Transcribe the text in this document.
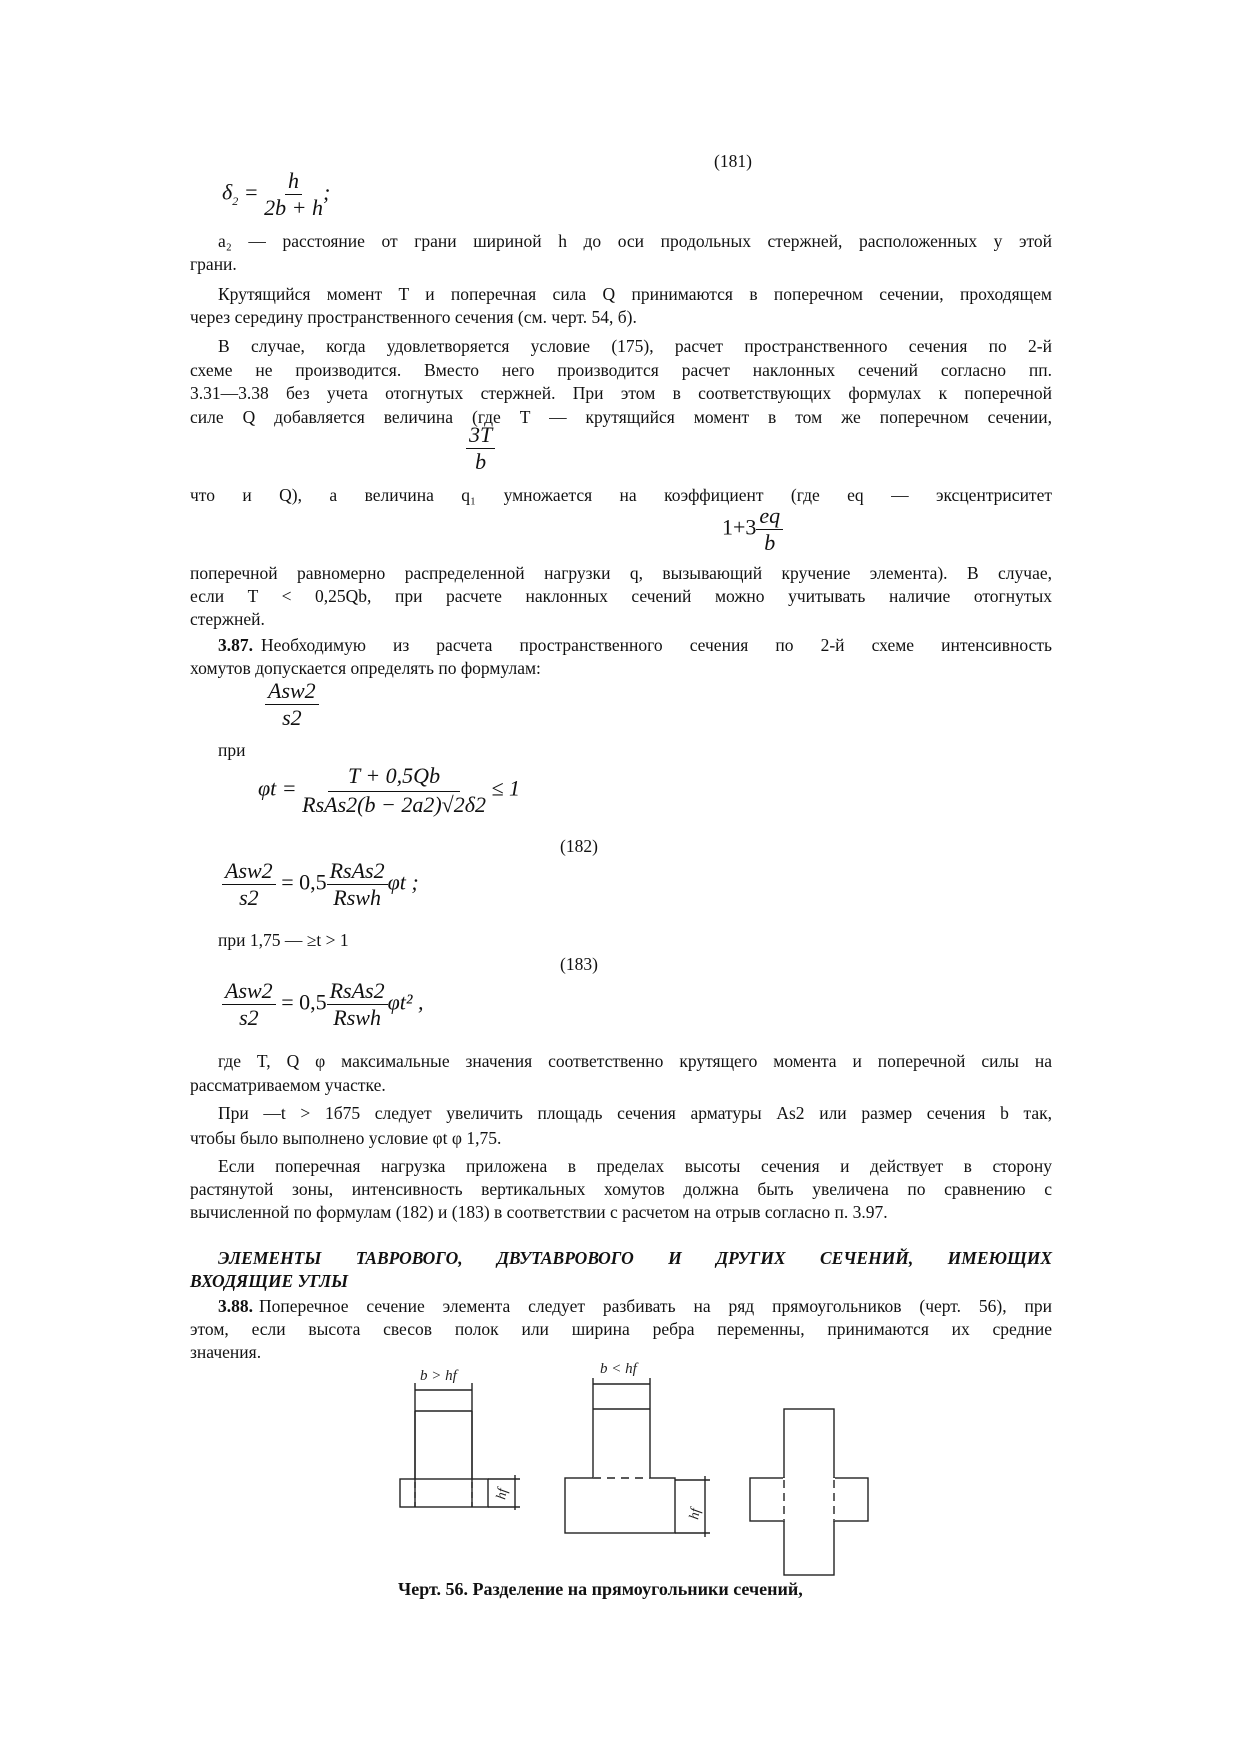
(181)
$\delta_2 = \frac{h}{2b + h}$ ;
a₂ — расстояние от грани шириной h до оси продольных стержней, расположенных у этой
грани.
Крутящийся момент T и поперечная сила Q принимаются в поперечном сечении, проходящем
через середину пространственного сечения (см. черт. 54, б).
В случае, когда удовлетворяется условие (175), расчет пространственного сечения по 2-й
схеме не производится. Вместо него производится расчет наклонных сечений согласно пп.
3.31—3.38 без учета отогнутых стержней. При этом в соответствующих формулах к поперечной
силе Q добавляется величина (где T — крутящийся момент в том же поперечном сечении,
$\frac{3T}{b}$
что и Q), а величина q₁ умножается на коэффициент (где eq — эксцентриситет
$1+3 \frac{eq}{b}$
поперечной равномерно распределенной нагрузки q, вызывающий кручение элемента). В случае,
если T < 0,25Qb, при расчете наклонных сечений можно учитывать наличие отогнутых
стержней.
3.87. Необходимую из расчета пространственного сечения по 2-й схеме интенсивность
хомутов допускается определять по формулам:
$\frac{\text{Asw2}}{s2}$
при
$\varphi t = \frac{T + 0,5Qb}{\text{RsAs2(b − 2a2)√2δ2}} \le 1$
(182)
$\frac{\text{Asw2}}{s2} = 0,5 \frac{\text{RsAs2}}{\text{Rswh}}$ φt ;
при 1,75 — ≥t > 1
(183)
$\frac{\text{Asw2}}{s2} = 0,5 \frac{\text{RsAs2}}{\text{Rswh}} \varphi t^2$ ,
где T, Q φ максимальные значения соответственно крутящего момента и поперечной силы на
рассматриваемом участке.
При —t > 1б75 следует увеличить площадь сечения арматуры As2 или размер сечения b так,
чтобы было выполнено условие φt φ 1,75.
Если поперечная нагрузка приложена в пределах высоты сечения и действует в сторону
растянутой зоны, интенсивность вертикальных хомутов должна быть увеличена по сравнению с
вычисленной по формулам (182) и (183) в соответствии с расчетом на отрыв согласно п. 3.97.
ЭЛЕМЕНТЫ ТАВРОВОГО, ДВУТАВРОВОГО И ДРУГИХ СЕЧЕНИЙ, ИМЕЮЩИХ
ВХОДЯЩИЕ УГЛЫ
3.88. Поперечное сечение элемента следует разбивать на ряд прямоугольников (черт. 56), при
этом, если высота свесов полок или ширина ребра переменны, принимаются их средние
значения.
b > hf
hf
b < hf
hf
Черт. 56. Разделение на прямоугольники сечений,
